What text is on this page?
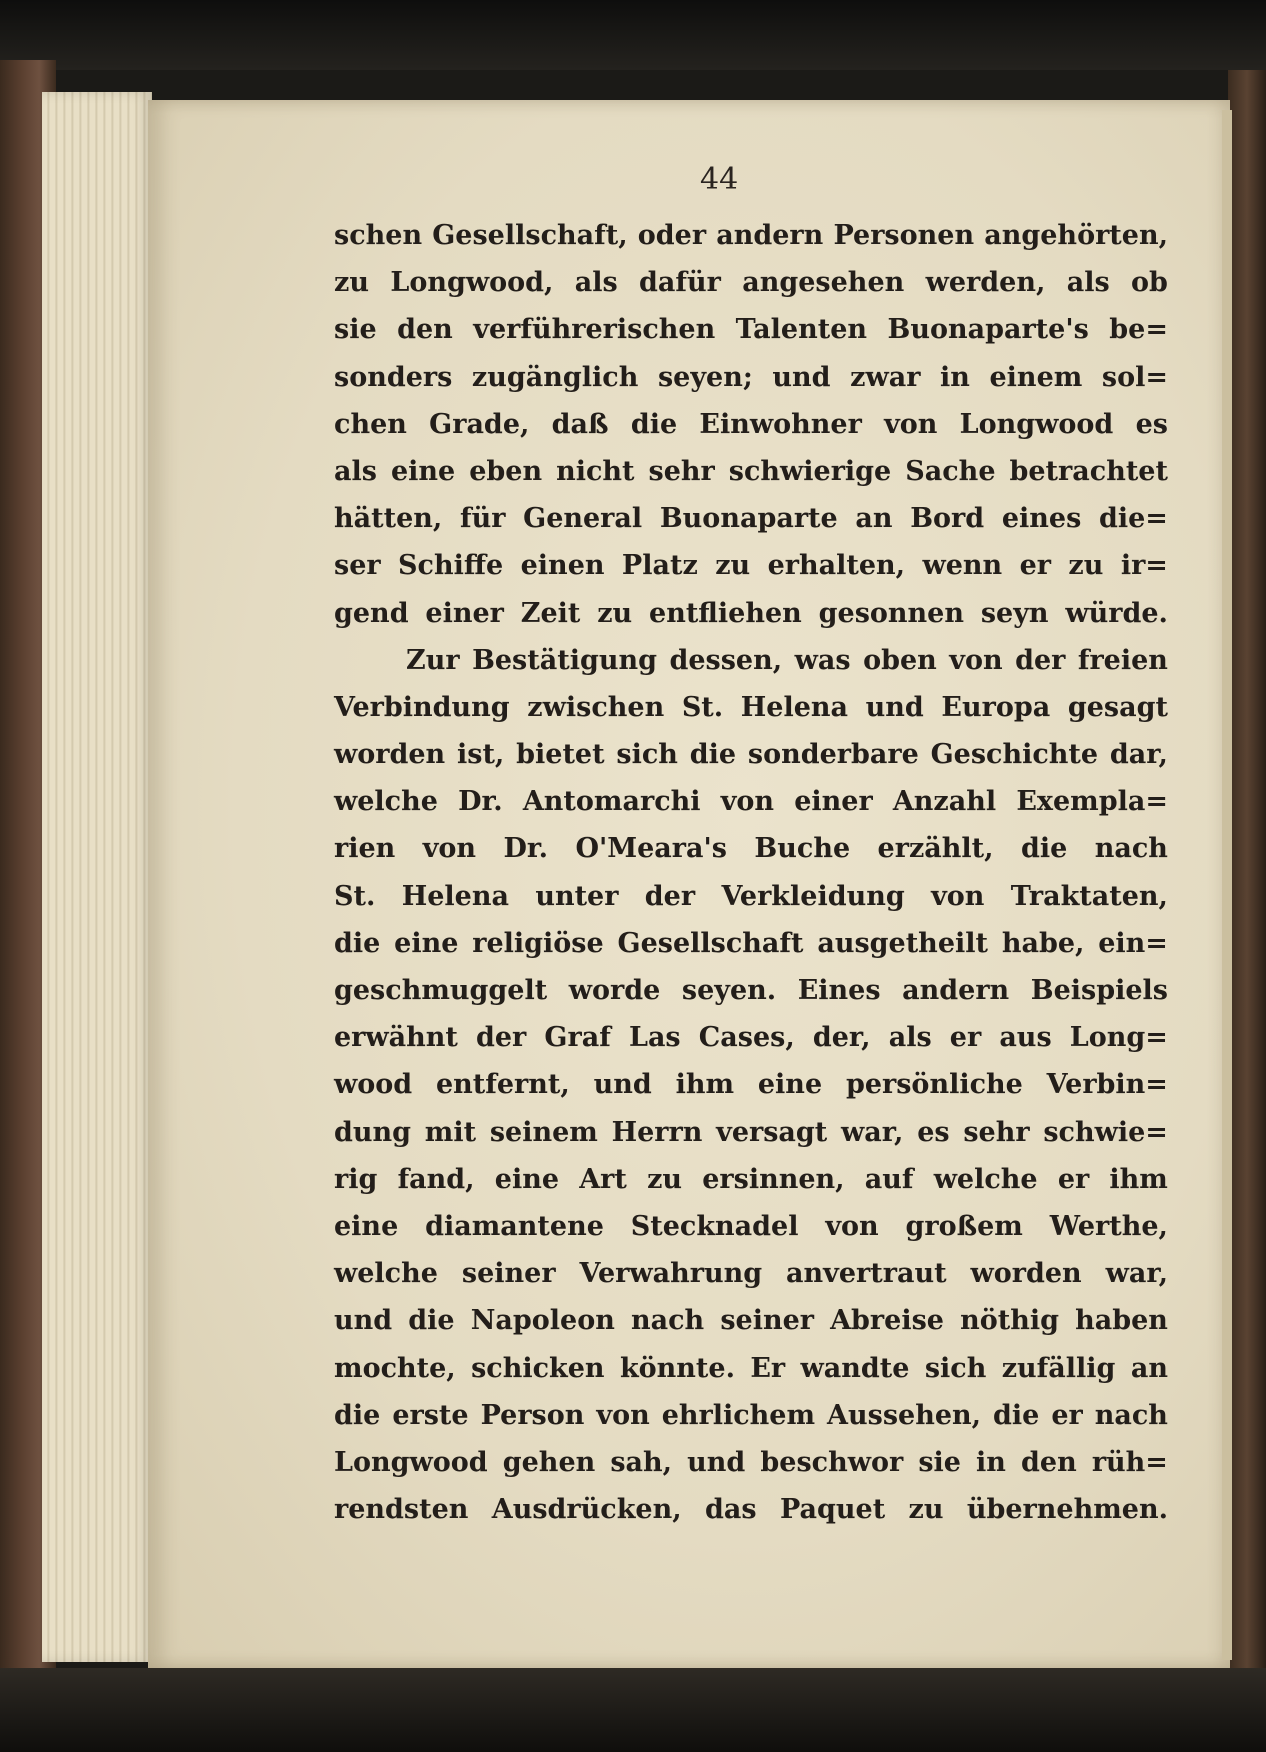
44
schen Gesellschaft, oder andern Personen angehörten,
zu Longwood, als dafür angesehen werden, als ob
sie den verführerischen Talenten Buonaparte's be=
sonders zugänglich seyen; und zwar in einem sol=
chen Grade, daß die Einwohner von Longwood es
als eine eben nicht sehr schwierige Sache betrachtet
hätten, für General Buonaparte an Bord eines die=
ser Schiffe einen Platz zu erhalten, wenn er zu ir=
gend einer Zeit zu entfliehen gesonnen seyn würde.
Zur Bestätigung dessen, was oben von der freien
Verbindung zwischen St. Helena und Europa gesagt
worden ist, bietet sich die sonderbare Geschichte dar,
welche Dr. Antomarchi von einer Anzahl Exempla=
rien von Dr. O'Meara's Buche erzählt, die nach
St. Helena unter der Verkleidung von Traktaten,
die eine religiöse Gesellschaft ausgetheilt habe, ein=
geschmuggelt worde seyen. Eines andern Beispiels
erwähnt der Graf Las Cases, der, als er aus Long=
wood entfernt, und ihm eine persönliche Verbin=
dung mit seinem Herrn versagt war, es sehr schwie=
rig fand, eine Art zu ersinnen, auf welche er ihm
eine diamantene Stecknadel von großem Werthe,
welche seiner Verwahrung anvertraut worden war,
und die Napoleon nach seiner Abreise nöthig haben
mochte, schicken könnte. Er wandte sich zufällig an
die erste Person von ehrlichem Aussehen, die er nach
Longwood gehen sah, und beschwor sie in den rüh=
rendsten Ausdrücken, das Paquet zu übernehmen.
